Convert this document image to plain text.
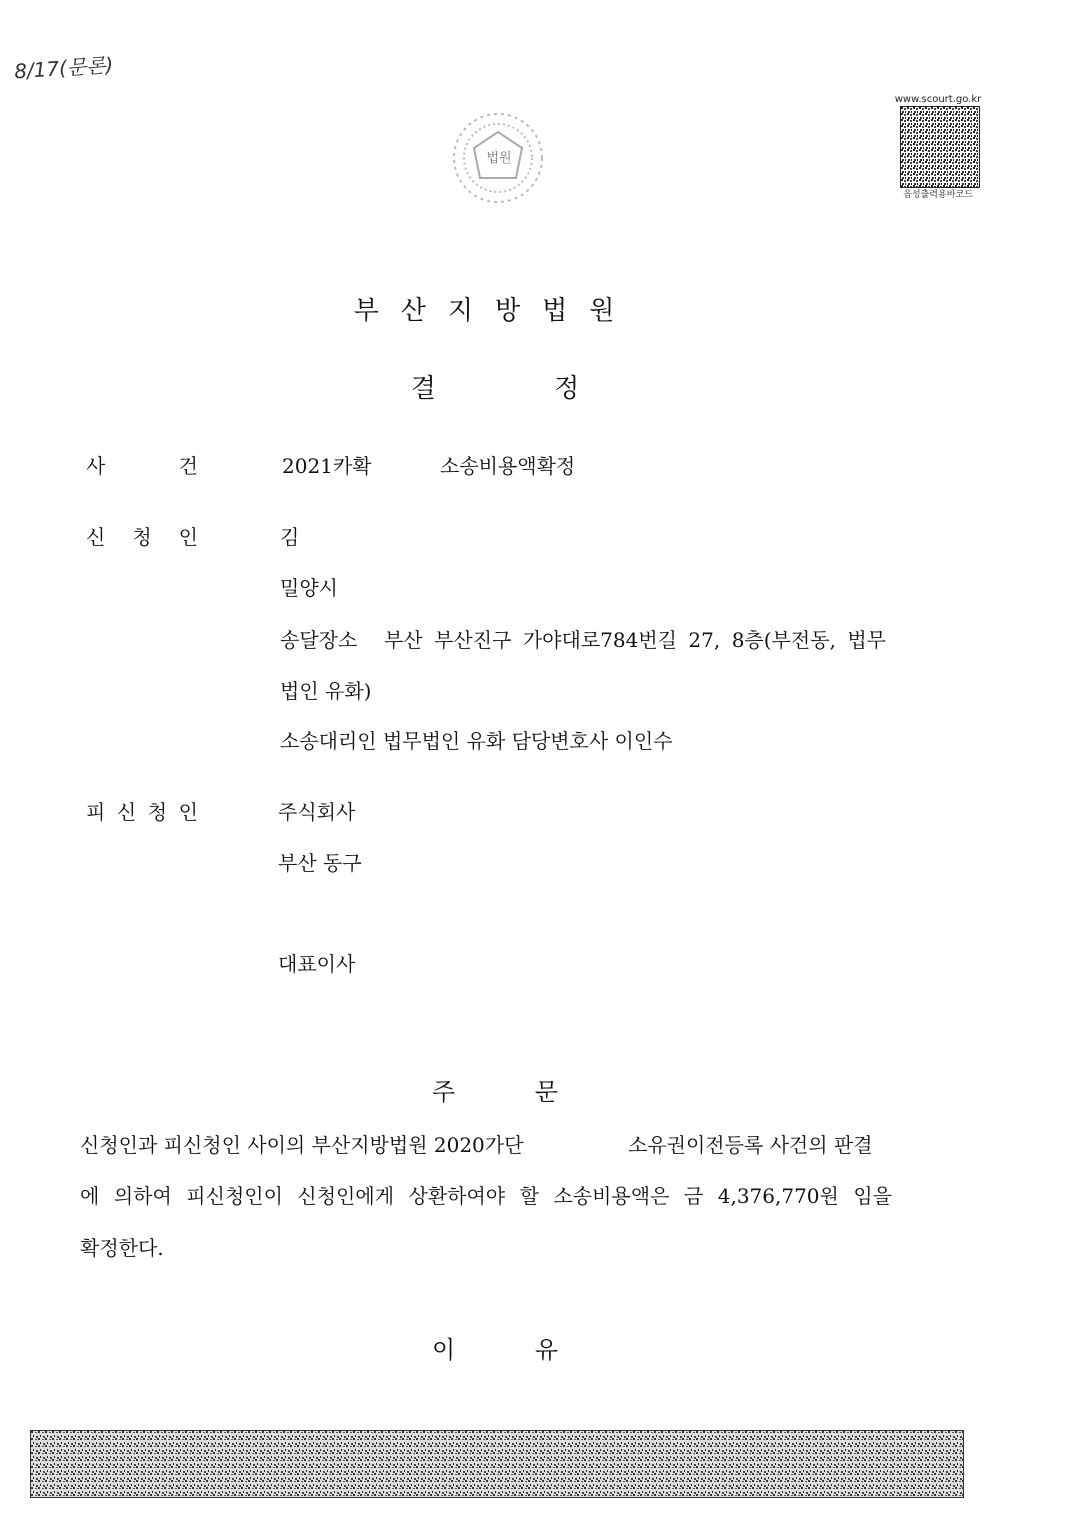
8/17(문론)
법원
www.scourt.go.kr
음성출력용바코드
부산지방법원
결 정
사	건	2021카확	소송비용액확정
신 청 인	김
밀양시
송달장소 부산 부산진구 가야대로784번길 27, 8층(부전동, 법무
법인 유화)
소송대리인 법무법인 유화 담당변호사 이인수
피 신 청 인	주식회사
부산 동구
대표이사
주 문
신청인과 피신청인 사이의 부산지방법원 2020가단	소유권이전등록 사건의 판결
에 의하여 피신청인이 신청인에게 상환하여야 할 소송비용액은 금 4,376,770원 임을
확정한다.
이 유
